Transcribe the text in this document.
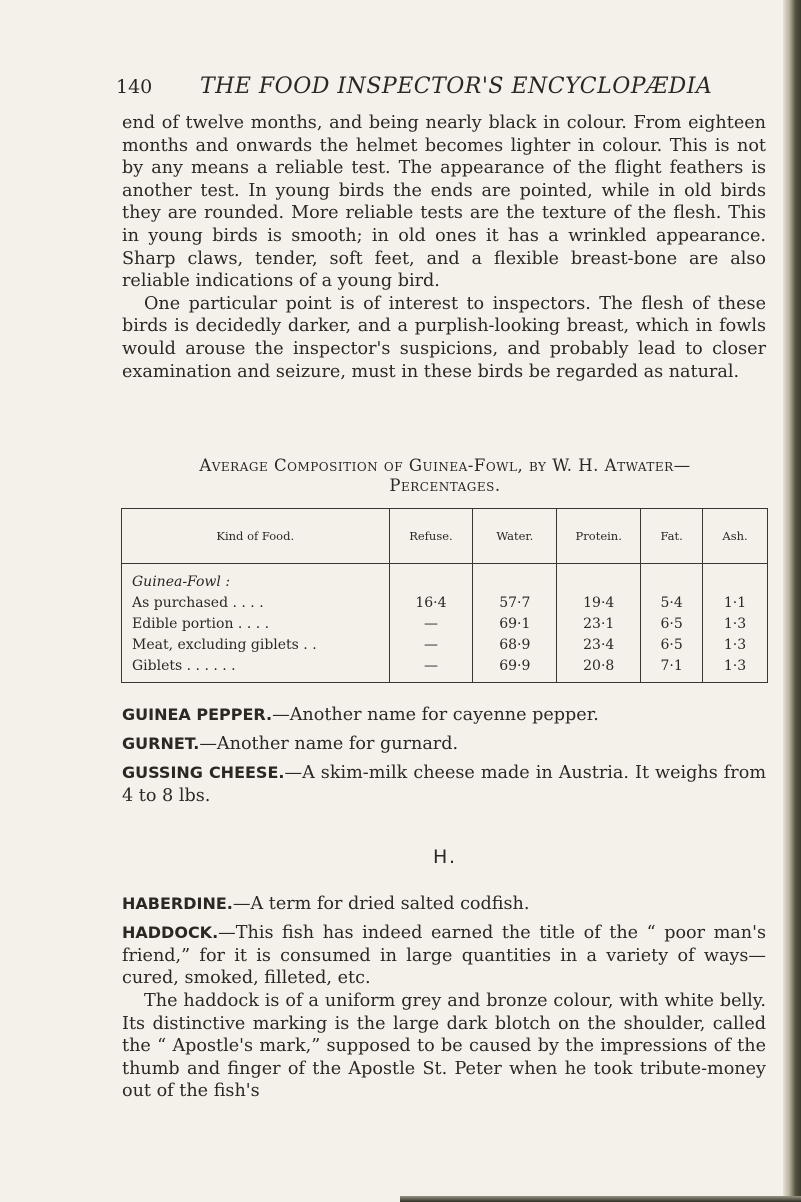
140 THE FOOD INSPECTOR'S ENCYCLOPÆDIA

end of twelve months, and being nearly black in colour. From eighteen months and onwards the helmet becomes lighter in colour. This is not by any means a reliable test. The appearance of the flight feathers is another test. In young birds the ends are pointed, while in old birds they are rounded. More reliable tests are the texture of the flesh. This in young birds is smooth; in old ones it has a wrinkled appearance. Sharp claws, tender, soft feet, and a flexible breast-bone are also reliable indications of a young bird.

One particular point is of interest to inspectors. The flesh of these birds is decidedly darker, and a purplish-looking breast, which in fowls would arouse the inspector's suspicions, and probably lead to closer examination and seizure, must in these birds be regarded as natural.

Average Composition of Guinea-Fowl, by W. H. Atwater—
Percentages.
Kind of Food.	Refuse.	Water.	Protein.	Fat.	Ash.
Guinea-Fowl :					
As purchased . . . .	16·4	57·7	19·4	5·4	1·1
Edible portion . . . .	—	69·1	23·1	6·5	1·3
Meat, excluding giblets . .	—	68·9	23·4	6·5	1·3
Giblets . . . . . .	—	69·9	20·8	7·1	1·3
GUINEA PEPPER.—Another name for cayenne pepper.
GURNET.—Another name for gurnard.
GUSSING CHEESE.—A skim-milk cheese made in Austria. It weighs from 4 to 8 lbs.
H.
HABERDINE.—A term for dried salted codfish.
HADDOCK.—This fish has indeed earned the title of the “ poor man's friend,” for it is consumed in large quantities in a variety of ways—cured, smoked, filleted, etc.

The haddock is of a uniform grey and bronze colour, with white belly. Its distinctive marking is the large dark blotch on the shoulder, called the “ Apostle's mark,” supposed to be caused by the impressions of the thumb and finger of the Apostle St. Peter when he took tribute-money out of the fish's
